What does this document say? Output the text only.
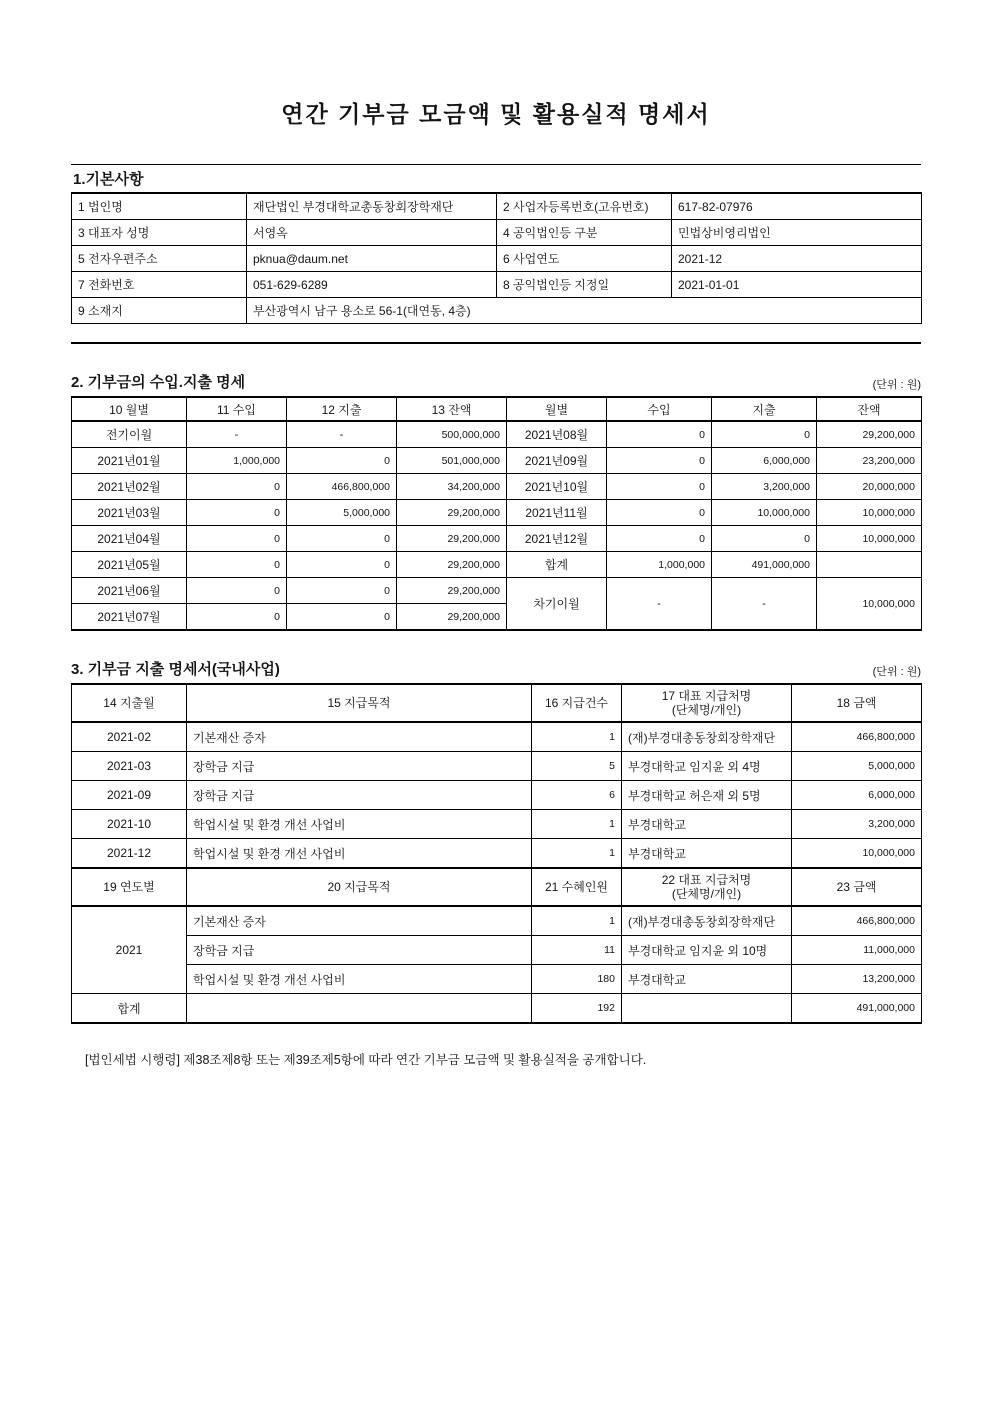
연간 기부금 모금액 및 활용실적 명세서
1.기본사항
1 법인명	재단법인 부경대학교총동창회장학재단	2 사업자등록번호(고유번호)	617-82-07976
3 대표자 성명	서영옥	4 공익법인등 구분	민법상비영리법인
5 전자우편주소	pknua@daum.net	6 사업연도	2021-12
7 전화번호	051-629-6289	8 공익법인등 지정일	2021-01-01
9 소재지	부산광역시 남구 용소로 56-1(대연동, 4층)		
2. 기부금의 수입.지출 명세	(단위 : 원)
10 월별	11 수입	12 지출	13 잔액	월별	수입	지출	잔액
전기이월	-	-	500,000,000	2021년08월	0	0	29,200,000
2021년01월	1,000,000	0	501,000,000	2021년09월	0	6,000,000	23,200,000
2021년02월	0	466,800,000	34,200,000	2021년10월	0	3,200,000	20,000,000
2021년03월	0	5,000,000	29,200,000	2021년11월	0	10,000,000	10,000,000
2021년04월	0	0	29,200,000	2021년12월	0	0	10,000,000
2021년05월	0	0	29,200,000	합계	1,000,000	491,000,000	
2021년06월	0	0	29,200,000	차기이월	-	-	10,000,000
2021년07월	0	0	29,200,000				
3. 기부금 지출 명세서(국내사업)	(단위 : 원)
14 지출월	15 지급목적	16 지급건수	17 대표 지급처명
(단체명/개인)	18 금액
2021-02	기본재산 증자	1	(재)부경대총동창회장학재단	466,800,000
2021-03	장학금 지급	5	부경대학교 임지윤 외 4명	5,000,000
2021-09	장학금 지급	6	부경대학교 허은재 외 5명	6,000,000
2021-10	학업시설 및 환경 개선 사업비	1	부경대학교	3,200,000
2021-12	학업시설 및 환경 개선 사업비	1	부경대학교	10,000,000
19 연도별	20 지급목적	21 수혜인원	22 대표 지급처명
(단체명/개인)	23 금액
2021	기본재산 증자	1	(재)부경대총동창회장학재단	466,800,000
	장학금 지급	11	부경대학교 임지윤 외 10명	11,000,000
	학업시설 및 환경 개선 사업비	180	부경대학교	13,200,000
합계		192		491,000,000
[법인세법 시행령] 제38조제8항 또는 제39조제5항에 따라 연간 기부금 모금액 및 활용실적을 공개합니다.
